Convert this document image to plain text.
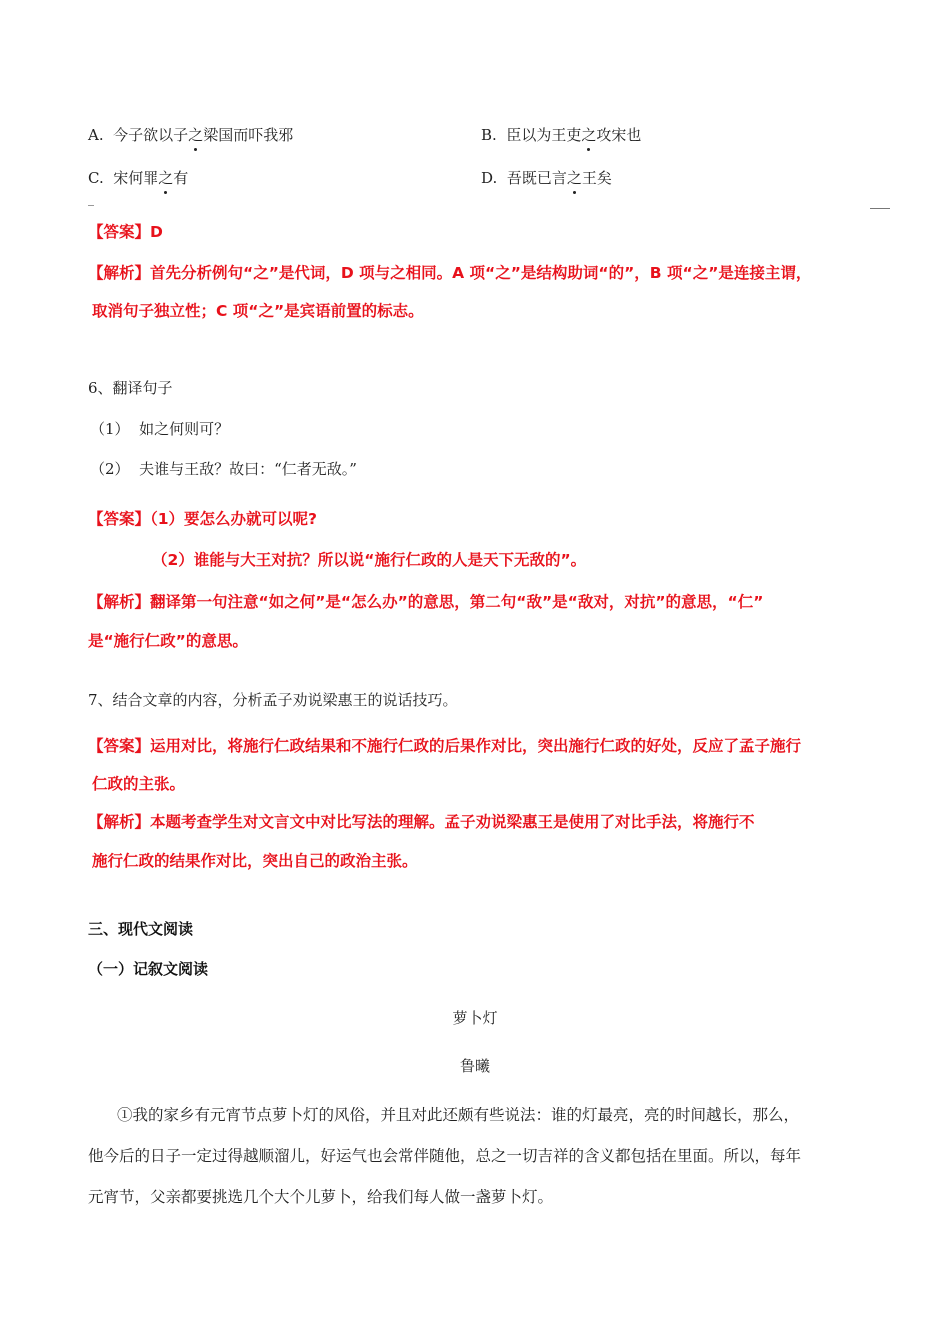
A. 今子欲以子之梁国而吓我邪	B. 臣以为王吏之攻宋也
C. 宋何罪之有	D. 吾既已言之王矣
【答案】D
【解析】首先分析例句“之”是代词，D 项与之相同。A 项“之”是结构助词“的”，B 项“之”是连接主谓，
取消句子独立性；C 项“之”是宾语前置的标志。
6、翻译句子
（1） 如之何则可？
（2） 夫谁与王敌？故曰：“仁者无敌。”
【答案】（1）要怎么办就可以呢?
（2）谁能与大王对抗？所以说“施行仁政的人是天下无敌的”。
【解析】翻译第一句注意“如之何”是“怎么办”的意思，第二句“敌”是“敌对，对抗”的意思，“仁”
是“施行仁政”的意思。
7、结合文章的内容，分析孟子劝说梁惠王的说话技巧。
【答案】运用对比，将施行仁政结果和不施行仁政的后果作对比，突出施行仁政的好处，反应了孟子施行
仁政的主张。
【解析】本题考查学生对文言文中对比写法的理解。孟子劝说梁惠王是使用了对比手法，将施行不
施行仁政的结果作对比，突出自己的政治主张。
三、现代文阅读
（一）记叙文阅读
萝卜灯
鲁曦
①我的家乡有元宵节点萝卜灯的风俗，并且对此还颇有些说法：谁的灯最亮，亮的时间越长，那么，
他今后的日子一定过得越顺溜儿，好运气也会常伴随他，总之一切吉祥的含义都包括在里面。所以，每年
元宵节，父亲都要挑选几个大个儿萝卜，给我们每人做一盏萝卜灯。
